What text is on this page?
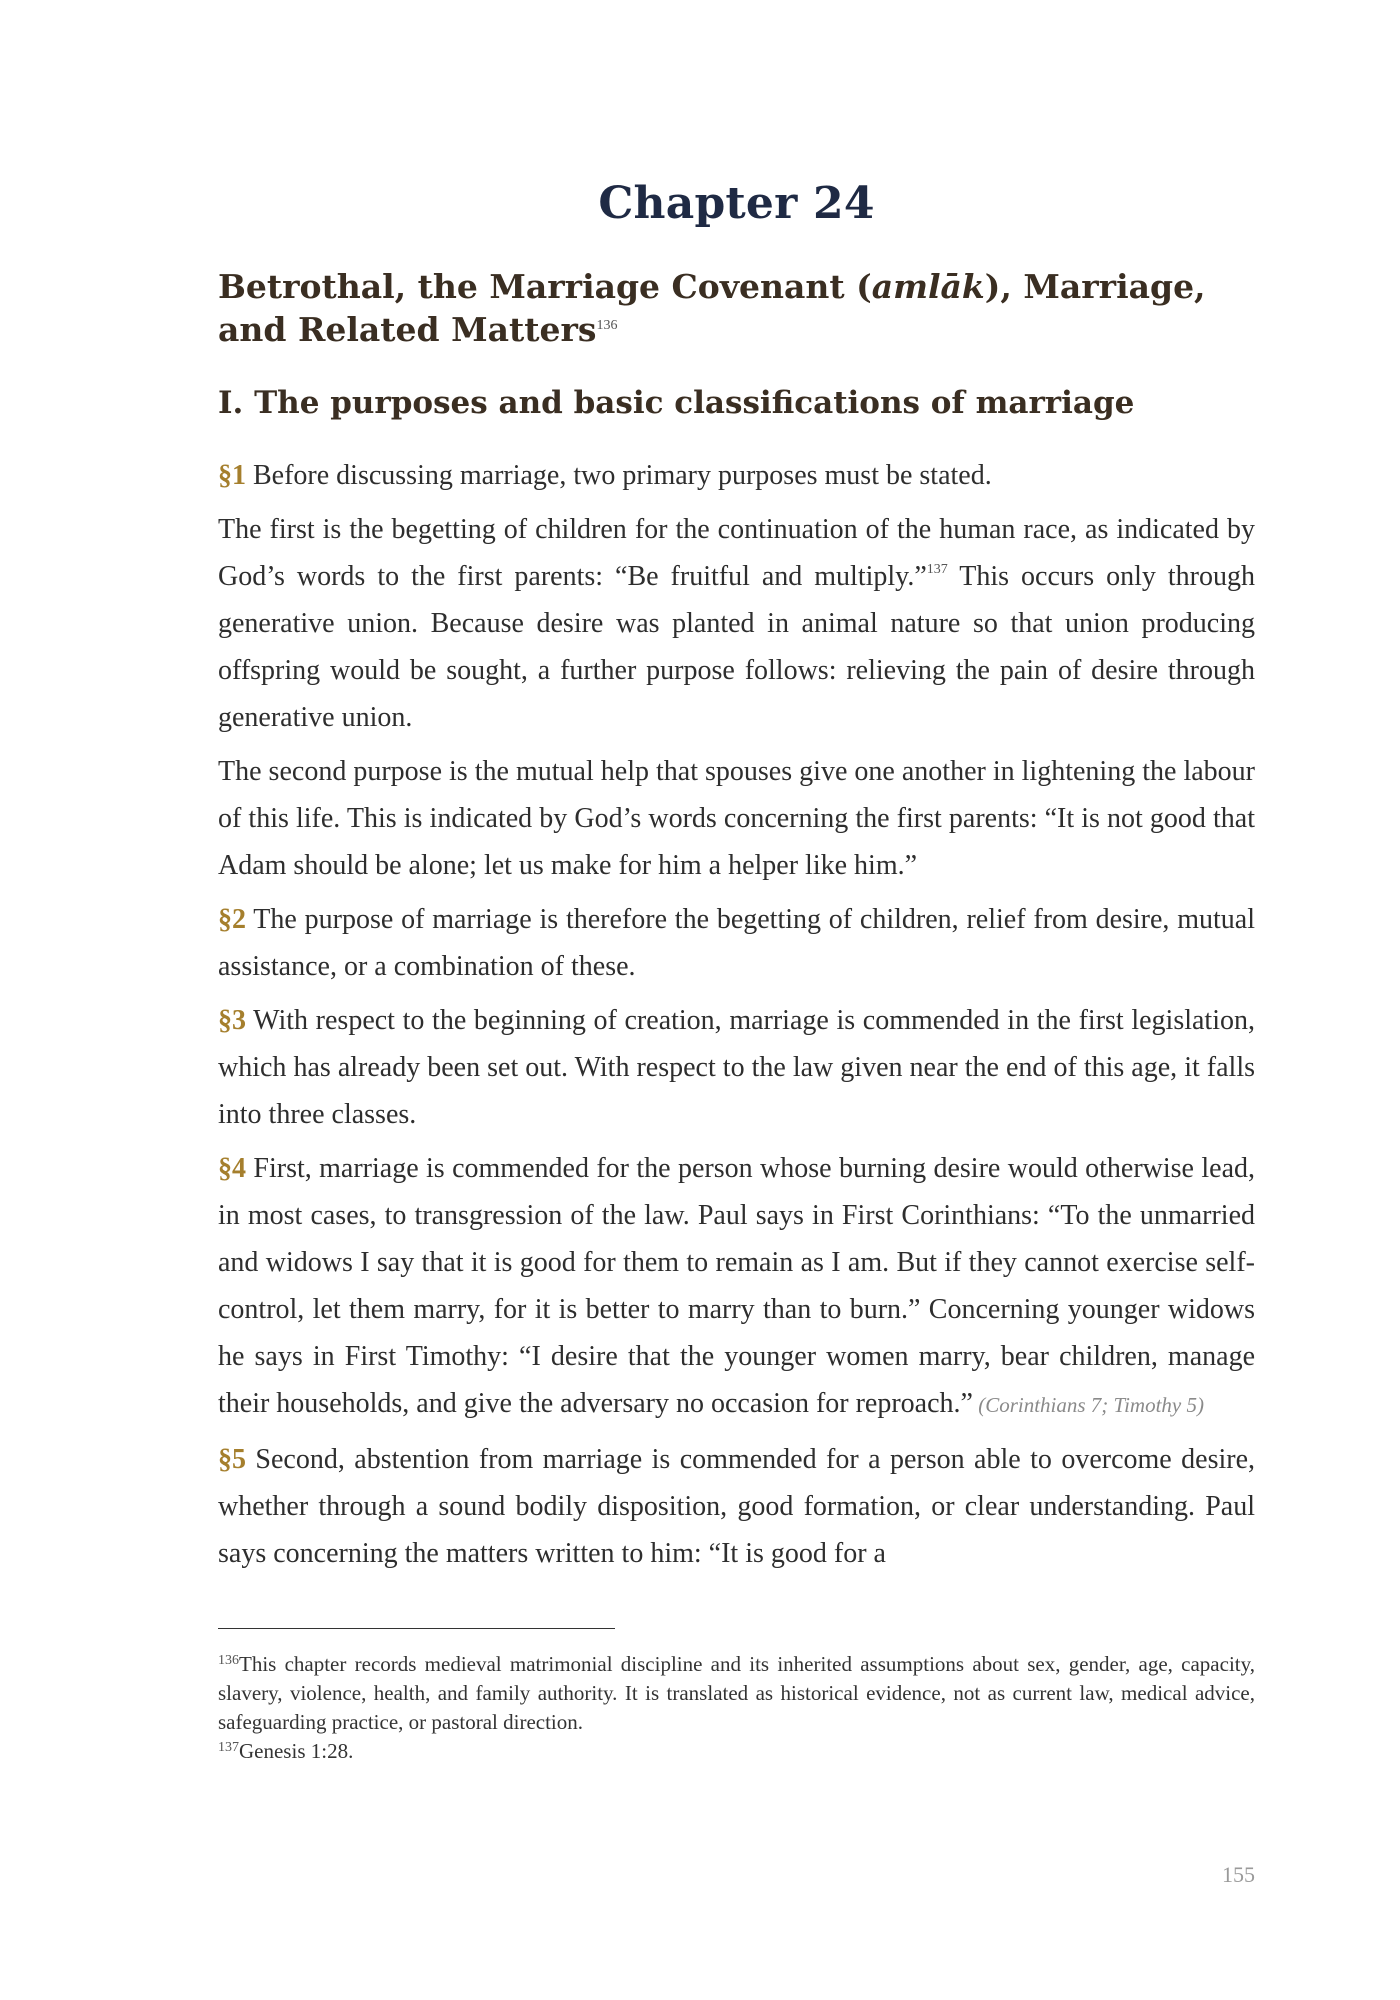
Chapter 24
Betrothal, the Marriage Covenant (amlāk), Marriage, and Related Matters$^{136}$
I. The purposes and basic classifications of marriage

§1 Before discussing marriage, two primary purposes must be stated.

The first is the begetting of children for the continuation of the human race, as indicated by God’s words to the first parents: “Be fruitful and multiply.”$^{137}$ This occurs only through generative union. Because desire was planted in animal nature so that union producing offspring would be sought, a further purpose follows: relieving the pain of desire through generative union.

The second purpose is the mutual help that spouses give one another in lightening the labour of this life. This is indicated by God’s words concerning the first parents: “It is not good that Adam should be alone; let us make for him a helper like him.”

§2 The purpose of marriage is therefore the begetting of children, relief from desire, mutual assistance, or a combination of these.

§3 With respect to the beginning of creation, marriage is commended in the first legislation, which has already been set out. With respect to the law given near the end of this age, it falls into three classes.

§4 First, marriage is commended for the person whose burning desire would otherwise lead, in most cases, to transgression of the law. Paul says in First Corinthians: “To the unmarried and widows I say that it is good for them to remain as I am. But if they cannot exercise self-control, let them marry, for it is better to marry than to burn.” Concerning younger widows he says in First Timothy: “I desire that the younger women marry, bear children, manage their households, and give the adversary no occasion for reproach.” (Corinthians 7; Timothy 5)

§5 Second, abstention from marriage is commended for a person able to overcome desire, whether through a sound bodily disposition, good formation, or clear understanding. Paul says concerning the matters written to him: “It is good for a

$^{136}$This chapter records medieval matrimonial discipline and its inherited assumptions about sex, gender, age, capacity, slavery, violence, health, and family authority. It is translated as historical evidence, not as current law, medical advice, safeguarding practice, or pastoral direction.

$^{137}$Genesis 1:28.

155
